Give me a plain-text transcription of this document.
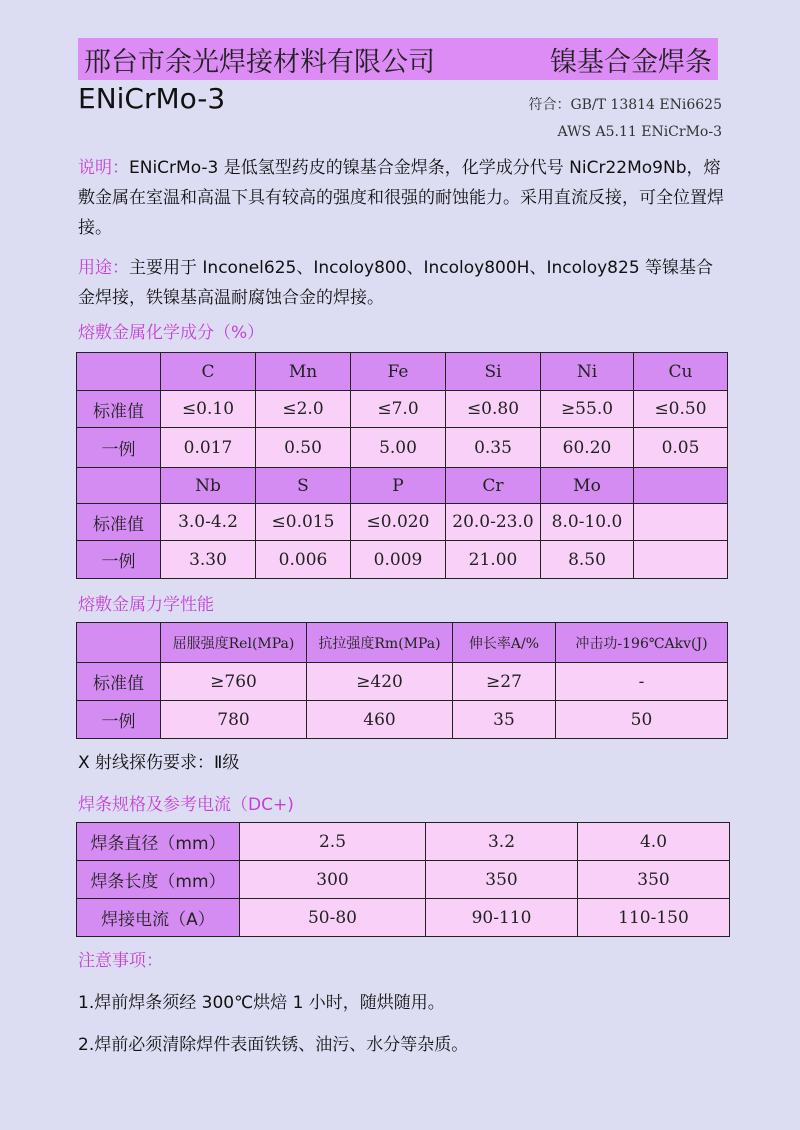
邢台市余光焊接材料有限公司	镍基合金焊条
ENiCrMo-3	符合：GB/T 13814 ENi6625
AWS A5.11 ENiCrMo-3
说明：ENiCrMo-3 是低氢型药皮的镍基合金焊条，化学成分代号 NiCr22Mo9Nb，熔敷金属在室温和高温下具有较高的强度和很强的耐蚀能力。采用直流反接，可全位置焊接。
用途：主要用于 Inconel625、Incoloy800、Incoloy800H、Incoloy825 等镍基合金焊接，铁镍基高温耐腐蚀合金的焊接。
熔敷金属化学成分（%）
	C	Mn	Fe	Si	Ni	Cu
标准值	≤0.10	≤2.0	≤7.0	≤0.80	≥55.0	≤0.50
一例	0.017	0.50	5.00	0.35	60.20	0.05
	Nb	S	P	Cr	Mo	
标准值	3.0-4.2	≤0.015	≤0.020	20.0-23.0	8.0-10.0	
一例	3.30	0.006	0.009	21.00	8.50	
熔敷金属力学性能
	屈服强度Rel(MPa)	抗拉强度Rm(MPa)	伸长率A/%	冲击功-196℃Akv(J)
标准值	≥760	≥420	≥27	-
一例	780	460	35	50
X 射线探伤要求：Ⅱ级
焊条规格及参考电流（DC+)
焊条直径（mm）	2.5	3.2	4.0
焊条长度（mm）	300	350	350
焊接电流（A）	50-80	90-110	110-150
注意事项：
1.焊前焊条须经 300℃烘焙 1 小时，随烘随用。
2.焊前必须清除焊件表面铁锈、油污、水分等杂质。
